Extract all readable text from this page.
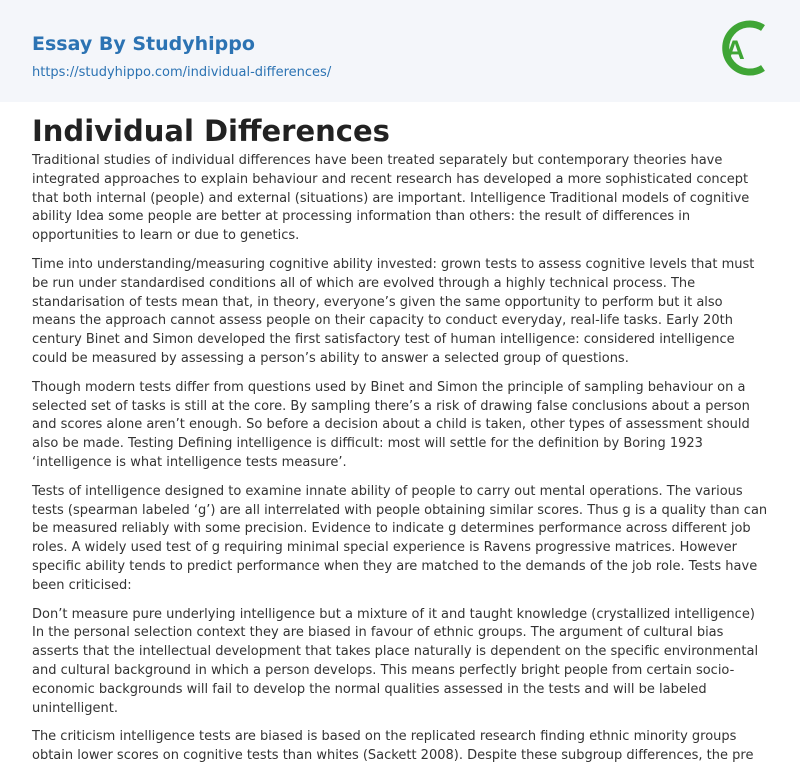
Essay By Studyhippo
https://studyhippo.com/individual-differences/
A
Individual Differences

Traditional studies of individual differences have been treated separately but contemporary theories have integrated approaches to explain behaviour and recent research has developed a more sophisticated concept that both internal (people) and external (situations) are important. Intelligence Traditional models of cognitive ability Idea some people are better at processing information than others: the result of differences in opportunities to learn or due to genetics.

Time into understanding/measuring cognitive ability invested: grown tests to assess cognitive levels that must be run under standardised conditions all of which are evolved through a highly technical process. The standarisation of tests mean that, in theory, everyone’s given the same opportunity to perform but it also means the approach cannot assess people on their capacity to conduct everyday, real-life tasks. Early 20th century Binet and Simon developed the first satisfactory test of human intelligence: considered intelligence could be measured by assessing a person’s ability to answer a selected group of questions.

Though modern tests differ from questions used by Binet and Simon the principle of sampling behaviour on a selected set of tasks is still at the core. By sampling there’s a risk of drawing false conclusions about a person and scores alone aren’t enough. So before a decision about a child is taken, other types of assessment should also be made. Testing Defining intelligence is difficult: most will settle for the definition by Boring 1923 ‘intelligence is what intelligence tests measure’.

Tests of intelligence designed to examine innate ability of people to carry out mental operations. The various tests (spearman labeled ‘g’) are all interrelated with people obtaining similar scores. Thus g is a quality than can be measured reliably with some precision. Evidence to indicate g determines performance across different job roles. A widely used test of g requiring minimal special experience is Ravens progressive matrices. However specific ability tends to predict performance when they are matched to the demands of the job role. Tests have been criticised:

Don’t measure pure underlying intelligence but a mixture of it and taught knowledge (crystallized intelligence) In the personal selection context they are biased in favour of ethnic groups. The argument of cultural bias asserts that the intellectual development that takes place naturally is dependent on the specific environmental and cultural background in which a person develops. This means perfectly bright people from certain socio-economic backgrounds will fail to develop the normal qualities assessed in the tests and will be labeled unintelligent.

The criticism intelligence tests are biased is based on the replicated research finding ethnic minority groups obtain lower scores on cognitive tests than whites (Sackett 2008). Despite these subgroup differences, the pre
